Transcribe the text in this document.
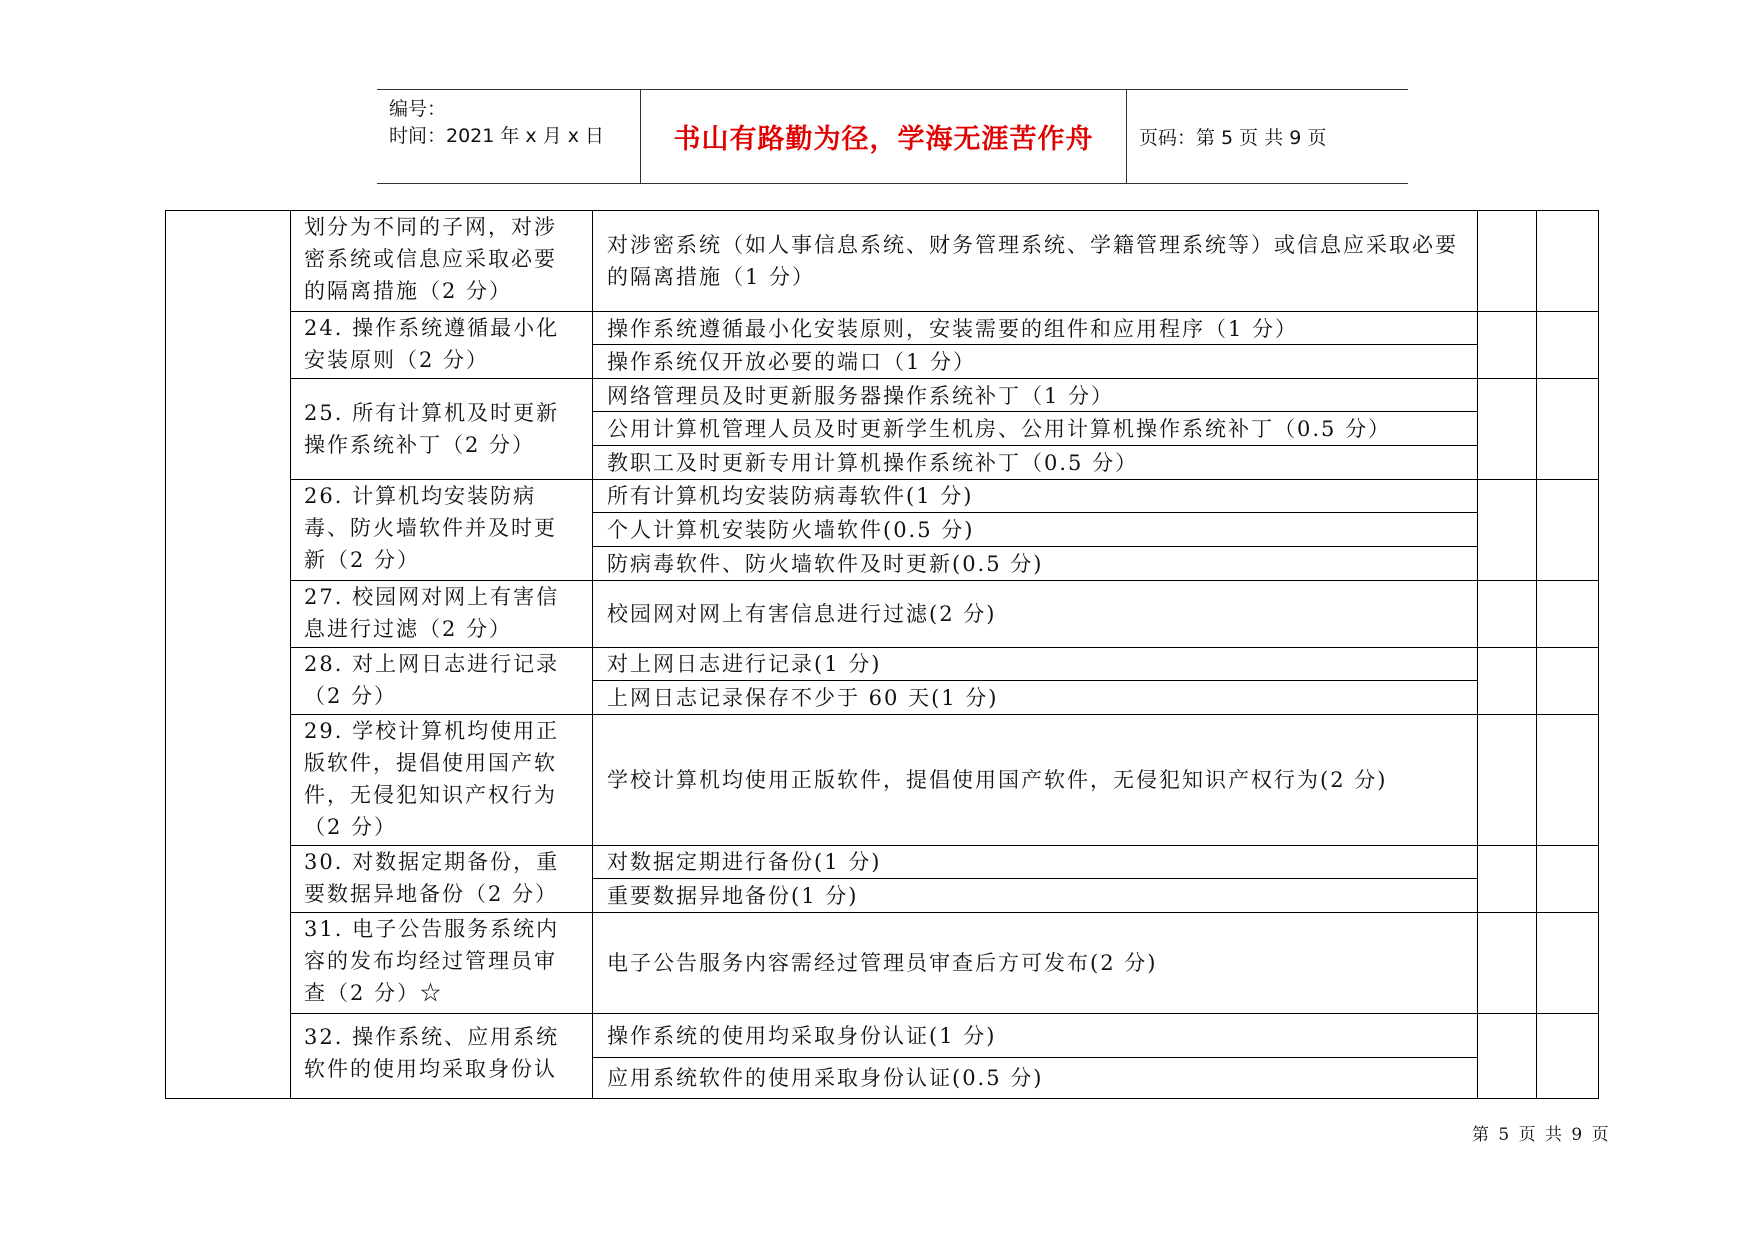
编号：
时间：2021 年 x 月 x 日	书山有路勤为径，学海无涯苦作舟 页码：第 5 页 共 9 页
划分为不同的子网，对涉密系统或信息应采取必要的隔离措施（2 分）
对涉密系统（如人事信息系统、财务管理系统、学籍管理系统等）或信息应采取必要的隔离措施（1 分）
24. 操作系统遵循最小化安装原则（2 分）
操作系统遵循最小化安装原则，安装需要的组件和应用程序（1 分）
操作系统仅开放必要的端口（1 分）
25. 所有计算机及时更新操作系统补丁（2 分）
网络管理员及时更新服务器操作系统补丁（1 分）
公用计算机管理人员及时更新学生机房、公用计算机操作系统补丁（0.5 分）
教职工及时更新专用计算机操作系统补丁（0.5 分）
26. 计算机均安装防病毒、防火墙软件并及时更新（2 分）
所有计算机均安装防病毒软件(1 分)
个人计算机安装防火墙软件(0.5 分)
防病毒软件、防火墙软件及时更新(0.5 分)
27. 校园网对网上有害信息进行过滤（2 分）
校园网对网上有害信息进行过滤(2 分)
28. 对上网日志进行记录（2 分）
对上网日志进行记录(1 分)
上网日志记录保存不少于 60 天(1 分)
29. 学校计算机均使用正版软件，提倡使用国产软件，无侵犯知识产权行为（2 分）
学校计算机均使用正版软件，提倡使用国产软件，无侵犯知识产权行为(2 分)
30. 对数据定期备份，重要数据异地备份（2 分）
对数据定期进行备份(1 分)
重要数据异地备份(1 分)
31. 电子公告服务系统内容的发布均经过管理员审查（2 分）☆
电子公告服务内容需经过管理员审查后方可发布(2 分)
32. 操作系统、应用系统软件的使用均采取身份认
操作系统的使用均采取身份认证(1 分)
应用系统软件的使用采取身份认证(0.5 分)
第 5 页 共 9 页
